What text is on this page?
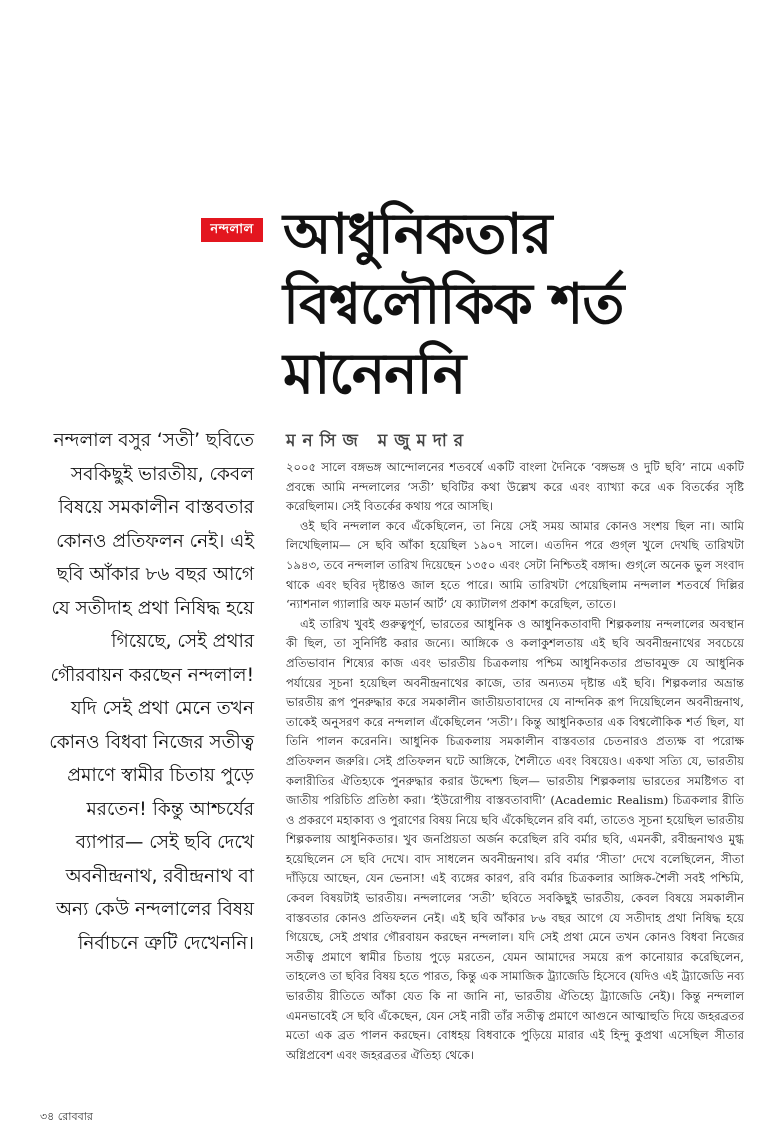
নন্দলাল আধুনিকতার
বিশ্বলৌকিক শর্ত
মানেননি
মনসিজ মজুমদার
নন্দলাল বসুর ‘সতী’ ছবিতে সবকিছুই ভারতীয়, কেবল বিষয়ে সমকালীন বাস্তবতার কোনও প্রতিফলন নেই। এই ছবি আঁকার ৮৬ বছর আগে যে সতীদাহ প্রথা নিষিদ্ধ হয়ে গিয়েছে, সেই প্রথার গৌরবায়ন করছেন নন্দলাল! যদি সেই প্রথা মেনে তখন কোনও বিধবা নিজের সতীত্ব প্রমাণে স্বামীর চিতায় পুড়ে মরতেন! কিন্তু আশ্চর্যের ব্যাপার— সেই ছবি দেখে অবনীন্দ্রনাথ, রবীন্দ্রনাথ বা অন্য কেউ নন্দলালের বিষয় নির্বাচনে ত্রুটি দেখেননি।

২০০৫ সালে বঙ্গভঙ্গ আন্দোলনের শতবর্ষে একটি বাংলা দৈনিকে ‘বঙ্গভঙ্গ ও দুটি ছবি’ নামে একটি প্রবন্ধে আমি নন্দলালের ‘সতী’ ছবিটির কথা উল্লেখ করে এবং ব্যাখ্যা করে এক বিতর্কের সৃষ্টি করেছিলাম। সেই বিতর্কের কথায় পরে আসছি।

ওই ছবি নন্দলাল কবে এঁকেছিলেন, তা নিয়ে সেই সময় আমার কোনও সংশয় ছিল না। আমি লিখেছিলাম— সে ছবি আঁকা হয়েছিল ১৯০৭ সালে। এতদিন পরে গুগ্‌ল খুলে দেখছি তারিখটা ১৯৪৩, তবে নন্দলাল তারিখ দিয়েছেন ১৩৫০ এবং সেটা নিশ্চিতই বঙ্গাব্দ। গুগ্‌লে অনেক ভুল সংবাদ থাকে এবং ছবির দৃষ্টান্তও জাল হতে পারে। আমি তারিখটা পেয়েছিলাম নন্দলাল শতবর্ষে দিল্লির ‘ন্যাশনাল গ্যালারি অফ মডার্ন আর্ট’ যে ক্যাটালগ প্রকাশ করেছিল, তাতে।

এই তারিখ খুবই গুরুত্বপূর্ণ, ভারতের আধুনিক ও আধুনিকতাবাদী শিল্পকলায় নন্দলালের অবস্থান কী ছিল, তা সুনির্দিষ্ট করার জন্যে। আঙ্গিকে ও কলাকুশলতায় এই ছবি অবনীন্দ্রনাথের সবচেয়ে প্রতিভাবান শিষ্যের কাজ এবং ভারতীয় চিত্রকলায় পশ্চিম আধুনিকতার প্রভাবমুক্ত যে আধুনিক পর্যায়ের সূচনা হয়েছিল অবনীন্দ্রনাথের কাজে, তার অন্যতম দৃষ্টান্ত এই ছবি। শিল্পকলার অভ্রান্ত ভারতীয় রূপ পুনরুদ্ধার করে সমকালীন জাতীয়তাবাদের যে নান্দনিক রূপ দিয়েছিলেন অবনীন্দ্রনাথ, তাকেই অনুসরণ করে নন্দলাল এঁকেছিলেন ‘সতী’। কিন্তু আধুনিকতার এক বিশ্বলৌকিক শর্ত ছিল, যা তিনি পালন করেননি। আধুনিক চিত্রকলায় সমকালীন বাস্তবতার চেতনারও প্রত্যক্ষ বা পরোক্ষ প্রতিফলন জরুরি। সেই প্রতিফলন ঘটে আঙ্গিকে, শৈলীতে এবং বিষয়েও। একথা সত্যি যে, ভারতীয় কলারীতির ঐতিহ্যকে পুনরুদ্ধার করার উদ্দেশ্য ছিল— ভারতীয় শিল্পকলায় ভারতের সমষ্টিগত বা জাতীয় পরিচিতি প্রতিষ্ঠা করা। ‘ইউরোপীয় বাস্তবতাবাদী’ (Academic Realism) চিত্রকলার রীতি ও প্রকরণে মহাকাব্য ও পুরাণের বিষয় নিয়ে ছবি এঁকেছিলেন রবি বর্মা, তাতেও সূচনা হয়েছিল ভারতীয় শিল্পকলায় আধুনিকতার। খুব জনপ্রিয়তা অর্জন করেছিল রবি বর্মার ছবি, এমনকী, রবীন্দ্রনাথও মুগ্ধ হয়েছিলেন সে ছবি দেখে। বাদ সাধলেন অবনীন্দ্রনাথ। রবি বর্মার ‘সীতা’ দেখে বলেছিলেন, সীতা দাঁড়িয়ে আছেন, যেন ভেনাস! এই ব্যঙ্গের কারণ, রবি বর্মার চিত্রকলার আঙ্গিক-শৈলী সবই পশ্চিমি, কেবল বিষয়টাই ভারতীয়। নন্দলালের ‘সতী’ ছবিতে সবকিছুই ভারতীয়, কেবল বিষয়ে সমকালীন বাস্তবতার কোনও প্রতিফলন নেই। এই ছবি আঁকার ৮৬ বছর আগে যে সতীদাহ প্রথা নিষিদ্ধ হয়ে গিয়েছে, সেই প্রথার গৌরবায়ন করছেন নন্দলাল। যদি সেই প্রথা মেনে তখন কোনও বিধবা নিজের সতীত্ব প্রমাণে স্বামীর চিতায় পুড়ে মরতেন, যেমন আমাদের সময়ে রূপ কানোয়ার করেছিলেন, তাহলেও তা ছবির বিষয় হতে পারত, কিন্তু এক সামাজিক ট্র্যাজেডি হিসেবে (যদিও এই ট্র্যাজেডি নব্য ভারতীয় রীতিতে আঁকা যেত কি না জানি না, ভারতীয় ঐতিহ্যে ট্র্যাজেডি নেই)। কিন্তু নন্দলাল এমনভাবেই সে ছবি এঁকেছেন, যেন সেই নারী তাঁর সতীত্ব প্রমাণে আগুনে আত্মাহুতি দিয়ে জহরব্রতর মতো এক ব্রত পালন করছেন। বোধহয় বিধবাকে পুড়িয়ে মারার এই হিন্দু কুপ্রথা এসেছিল সীতার অগ্নিপ্রবেশ এবং জহরব্রতর ঐতিহ্য থেকে।

৩৪ রোববার
